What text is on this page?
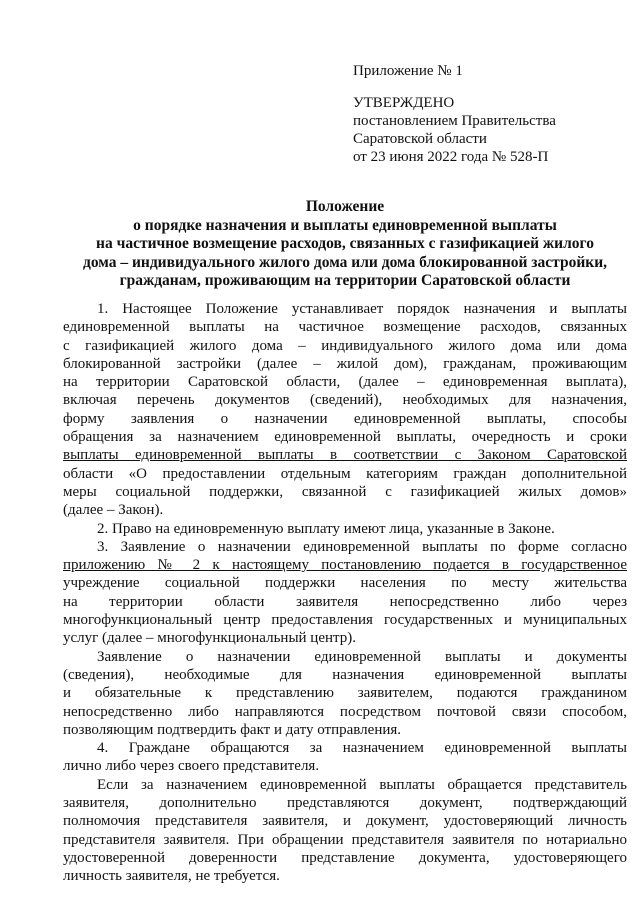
Приложение № 1
УТВЕРЖДЕНО
постановлением Правительства
Саратовской области
от 23 июня 2022 года № 528-П
Положение
о порядке назначения и выплаты единовременной выплаты
на частичное возмещение расходов, связанных с газификацией жилого
дома – индивидуального жилого дома или дома блокированной застройки,
гражданам, проживающим на территории Саратовской области

1. Настоящее Положение устанавливает порядок назначения и выплаты
единовременной выплаты на частичное возмещение расходов, связанных
с газификацией жилого дома – индивидуального жилого дома или дома
блокированной застройки (далее – жилой дом), гражданам, проживающим
на территории Саратовской области, (далее – единовременная выплата),
включая перечень документов (сведений), необходимых для назначения,
форму заявления о назначении единовременной выплаты, способы
обращения за назначением единовременной выплаты, очередность и сроки
выплаты единовременной выплаты в соответствии с Законом Саратовской
области «О предоставлении отдельным категориям граждан дополнительной
меры социальной поддержки, связанной с газификацией жилых домов»
(далее – Закон).

2. Право на единовременную выплату имеют лица, указанные в Законе.

3. Заявление о назначении единовременной выплаты по форме согласно
приложению № 2 к настоящему постановлению подается в государственное
учреждение социальной поддержки населения по месту жительства
на территории области заявителя непосредственно либо через
многофункциональный центр предоставления государственных и муниципальных
услуг (далее – многофункциональный центр).

Заявление о назначении единовременной выплаты и документы
(сведения), необходимые для назначения единовременной выплаты
и обязательные к представлению заявителем, подаются гражданином
непосредственно либо направляются посредством почтовой связи способом,
позволяющим подтвердить факт и дату отправления.

4. Граждане обращаются за назначением единовременной выплаты
лично либо через своего представителя.

Если за назначением единовременной выплаты обращается представитель
заявителя, дополнительно представляются документ, подтверждающий
полномочия представителя заявителя, и документ, удостоверяющий личность
представителя заявителя. При обращении представителя заявителя по нотариально
удостоверенной доверенности представление документа, удостоверяющего
личность заявителя, не требуется.
